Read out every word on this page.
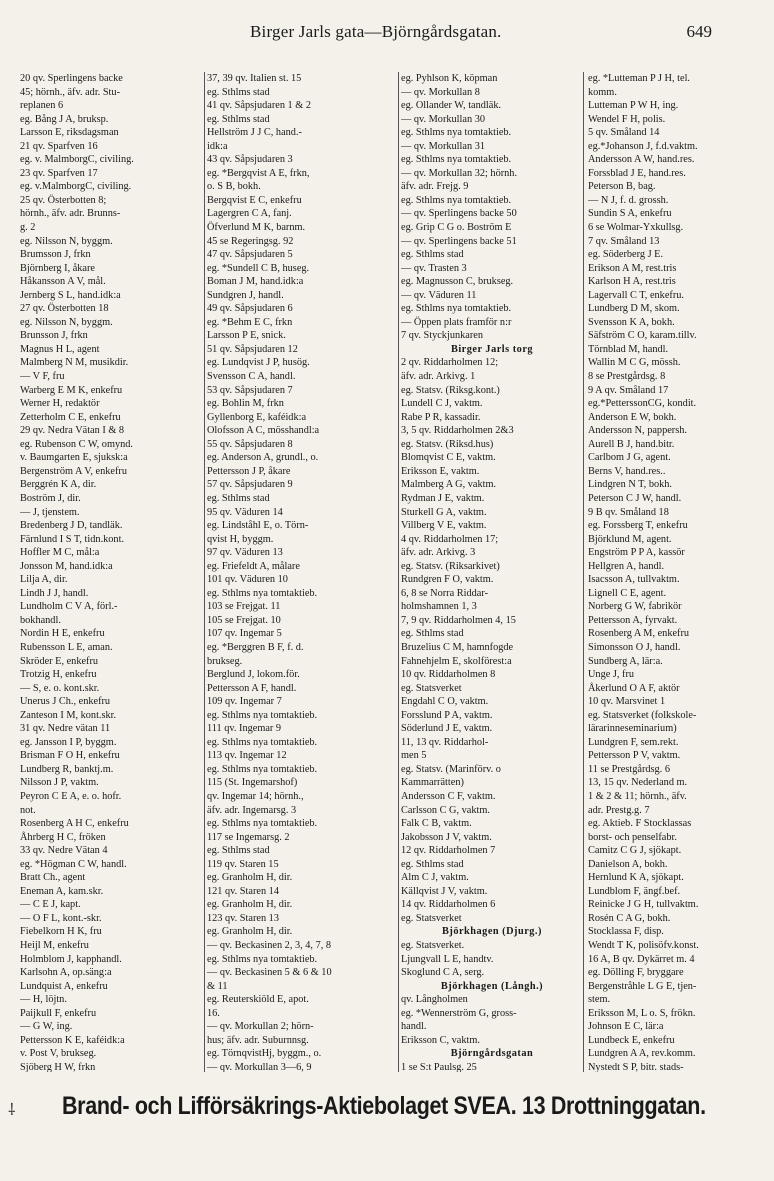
Birger Jarls gata—Björngårdsgatan.	649
20 qv. Sperlingens backe
45; hörnh., äfv. adr. Stu-
replanen 6
eg. Bång J A, bruksp.
Larsson E, riksdagsman
21 qv. Sparfven 16
eg. v. MalmborgC, civiling.
23 qv. Sparfven 17
eg. v.MalmborgC, civiling.
25 qv. Österbotten 8;
hörnh., äfv. adr. Brunns-
g. 2
eg. Nilsson N, byggm.
Brumsson J, frkn
Björnberg I, åkare
Håkansson A V, mål.
Jernberg S L, hand.idk:a
27 qv. Österbotten 18
eg. Nilsson N, byggm.
Brunsson J, frkn
Magnus H L, agent
Malmberg N M, musikdir.
— V F, fru
Warberg E M K, enkefru
Werner H, redaktör
Zetterholm C E, enkefru
29 qv. Nedra Vätan I & 8
eg. Rubenson C W, omynd.
v. Baumgarten E, sjuksk:a
Bergenström A V, enkefru
Berggrén K A, dir.
Boström J, dir.
— J, tjenstem.
Bredenberg J D, tandläk.
Färnlund I S T, tidn.kont.
Hoffler M C, mål:a
Jonsson M, hand.idk:a
Lilja A, dir.
Lindh J J, handl.
Lundholm C V A, förl.-
bokhandl.
Nordin H E, enkefru
Rubensson L E, aman.
Skröder E, enkefru
Trotzig H, enkefru
— S, e. o. kont.skr.
Unerus J Ch., enkefru
Zanteson I M, kont.skr.
31 qv. Nedre vätan 11
eg. Jansson I P, byggm.
Brisman F O H, enkefru
Lundberg R, banktj.m.
Nilsson J P, vaktm.
Peyron C E A, e. o. hofr.
not.
Rosenberg A H C, enkefru
Åhrberg H C, fröken
33 qv. Nedre Vätan 4
eg. *Högman C W, handl.
Bratt Ch., agent
Eneman A, kam.skr.
— C E J, kapt.
— O F L, kont.-skr.
Fiebelkorn H K, fru
Heijl M, enkefru
Holmblom J, kapphandl.
Karlsohn A, op.säng:a
Lundquist A, enkefru
— H, löjtn.
Paijkull F, enkefru
— G W, ing.
Pettersson K E, kaféidk:a
v. Post V, brukseg.
Sjöberg H W, frkn
37, 39 qv. Italien st. 15
eg. Sthlms stad
41 qv. Såpsjudaren 1 & 2
eg. Sthlms stad
Hellström J J C, hand.-
idk:a
43 qv. Såpsjudaren 3
eg. *Bergqvist A E, frkn,
o. S B, bokh.
Bergqvist E C, enkefru
Lagergren C A, fanj.
Öfverlund M K, barnm.
45 se Regeringsg. 92
47 qv. Såpsjudaren 5
eg. *Sundell C B, huseg.
Boman J M, hand.idk:a
Sundgren J, handl.
49 qv. Såpsjudaren 6
eg. *Behm E C, frkn
Larsson P E, snick.
51 qv. Såpsjudaren 12
eg. Lundqvist J P, husög.
Svensson C A, handl.
53 qv. Såpsjudaren 7
eg. Bohlin M, frkn
Gyllenborg E, kaféidk:a
Olofsson A C, mösshandl:a
55 qv. Såpsjudaren 8
eg. Anderson A, grundl., o.
Pettersson J P, åkare
57 qv. Såpsjudaren 9
eg. Sthlms stad
95 qv. Väduren 14
eg. Lindståhl E, o. Törn-
qvist H, byggm.
97 qv. Väduren 13
eg. Friefeldt A, målare
101 qv. Väduren 10
eg. Sthlms nya tomtaktieb.
103 se Frejgat. 11
105 se Frejgat. 10
107 qv. Ingemar 5
eg. *Berggren B F, f. d.
brukseg.
Berglund J, lokom.för.
Pettersson A F, handl.
109 qv. Ingemar 7
eg. Sthlms nya tomtaktieb.
111 qv. Ingemar 9
eg. Sthlms nya tomtaktieb.
113 qv. Ingemar 12
eg. Sthlms nya tomtaktieb.
115 (St. Ingemarshof)
qv. Ingemar 14; hörnh.,
äfv. adr. Ingemarsg. 3
eg. Sthlms nya tomtaktieb.
117 se Ingemarsg. 2
eg. Sthlms stad
119 qv. Staren 15
eg. Granholm H, dir.
121 qv. Staren 14
eg. Granholm H, dir.
123 qv. Staren 13
eg. Granholm H, dir.
— qv. Beckasinen 2, 3, 4, 7, 8
eg. Sthlms nya tomtaktieb.
— qv. Beckasinen 5 & 6 & 10
& 11
eg. Reuterskiöld E, apot.
16.
— qv. Morkullan 2; hörn-
hus; äfv. adr. Suburnnsg.
eg. TörnqvistHj, byggm., o.
— qv. Morkullan 3—6, 9
eg. Pyhlson K, köpman
— qv. Morkullan 8
eg. Ollander W, tandläk.
— qv. Morkullan 30
eg. Sthlms nya tomtaktieb.
— qv. Morkullan 31
eg. Sthlms nya tomtaktieb.
— qv. Morkullan 32; hörnh.
äfv. adr. Frejg. 9
eg. Sthlms nya tomtaktieb.
— qv. Sperlingens backe 50
eg. Grip C G o. Boström E
— qv. Sperlingens backe 51
eg. Sthlms stad
— qv. Trasten 3
eg. Magnusson C, brukseg.
— qv. Väduren 11
eg. Sthlms nya tomtaktieb.
— Öppen plats framför n:r
7 qv. Styckjunkaren
Birger Jarls torg
2 qv. Riddarholmen 12;
äfv. adr. Arkivg. 1
eg. Statsv. (Riksg.kont.)
Lundell C J, vaktm.
Rabe P R, kassadir.
3, 5 qv. Riddarholmen 2&3
eg. Statsv. (Riksd.hus)
Blomqvist C E, vaktm.
Eriksson E, vaktm.
Malmberg A G, vaktm.
Rydman J E, vaktm.
Sturkell G A, vaktm.
Villberg V E, vaktm.
4 qv. Riddarholmen 17;
äfv. adr. Arkivg. 3
eg. Statsv. (Riksarkivet)
Rundgren F O, vaktm.
6, 8 se Norra Riddar-
holmshamnen 1, 3
7, 9 qv. Riddarholmen 4, 15
eg. Sthlms stad
Bruzelius C M, hamnfogde
Fahnehjelm E, skolförest:a
10 qv. Riddarholmen 8
eg. Statsverket
Engdahl C O, vaktm.
Forsslund P A, vaktm.
Söderlund J E, vaktm.
11, 13 qv. Riddarhol-
men 5
eg. Statsv. (Marinförv. o
Kammarrätten)
Andersson C F, vaktm.
Carlsson C G, vaktm.
Falk C B, vaktm.
Jakobsson J V, vaktm.
12 qv. Riddarholmen 7
eg. Sthlms stad
Alm C J, vaktm.
Källqvist J V, vaktm.
14 qv. Riddarholmen 6
eg. Statsverket
Björkhagen (Djurg.)
eg. Statsverket.
Ljungvall L E, handtv.
Skoglund C A, serg.
Björkhagen (Långh.)
qv. Långholmen
eg. *Wennerström G, gross-
handl.
Eriksson C, vaktm.
Björngårdsgatan
1 se S:t Paulsg. 25
eg. *Lutteman P J H, tel.
komm.
Lutteman P W H, ing.
Wendel F H, polis.
5 qv. Småland 14
eg.*Johanson J, f.d.vaktm.
Andersson A W, hand.res.
Forssblad J E, hand.res.
Peterson B, bag.
— N J, f. d. grossh.
Sundin S A, enkefru
6 se Wolmar-Yxkullsg.
7 qv. Småland 13
eg. Söderberg J E.
Erikson A M, rest.tris
Karlson H A, rest.tris
Lagervall C T, enkefru.
Lundberg D M, skom.
Svensson K A, bokh.
Säfström C O, karam.tillv.
Törnblad M, handl.
Wallin M C G, mössh.
8 se Prestgårdsg. 8
9 A qv. Småland 17
eg.*PetterssonCG, kondit.
Anderson E W, bokh.
Andersson N, pappersh.
Aurell B J, hand.bitr.
Carlbom J G, agent.
Berns V, hand.res..
Lindgren N T, bokh.
Peterson C J W, handl.
9 B qv. Småland 18
eg. Forssberg T, enkefru
Björklund M, agent.
Engström P P A, kassör
Hellgren A, handl.
Isacsson A, tullvaktm.
Lignell C E, agent.
Norberg G W, fabrikör
Pettersson A, fyrvakt.
Rosenberg A M, enkefru
Simonsson O J, handl.
Sundberg A, lär:a.
Unge J, fru
Åkerlund O A F, aktör
10 qv. Marsvinet 1
eg. Statsverket (folkskole-
lärarinneseminarium)
Lundgren F, sem.rekt.
Pettersson P V, vaktm.
11 se Prestgårdsg. 6
13, 15 qv. Nederland m.
1 & 2 & 11; hörnh., äfv.
adr. Prestg.g. 7
eg. Aktieb. F Stocklassas
borst- och penselfabr.
Camitz C G J, sjökapt.
Danielson A, bokh.
Hernlund K A, sjökapt.
Lundblom F, ängf.bef.
Reinicke J G H, tullvaktm.
Rosén C A G, bokh.
Stocklassa F, disp.
Wendt T K, polisöfv.konst.
16 A, B qv. Dykärret m. 4
eg. Dölling F, bryggare
Bergenstråhle L G E, tjen-
stem.
Eriksson M, L o. S, frökn.
Johnson E C, lär:a
Lundbeck E, enkefru
Lundgren A A, rev.komm.
Nystedt S P, bitr. stads-
⸸ Brand- och Lifförsäkrings-Aktiebolaget SVEA. 13 Drottninggatan.
